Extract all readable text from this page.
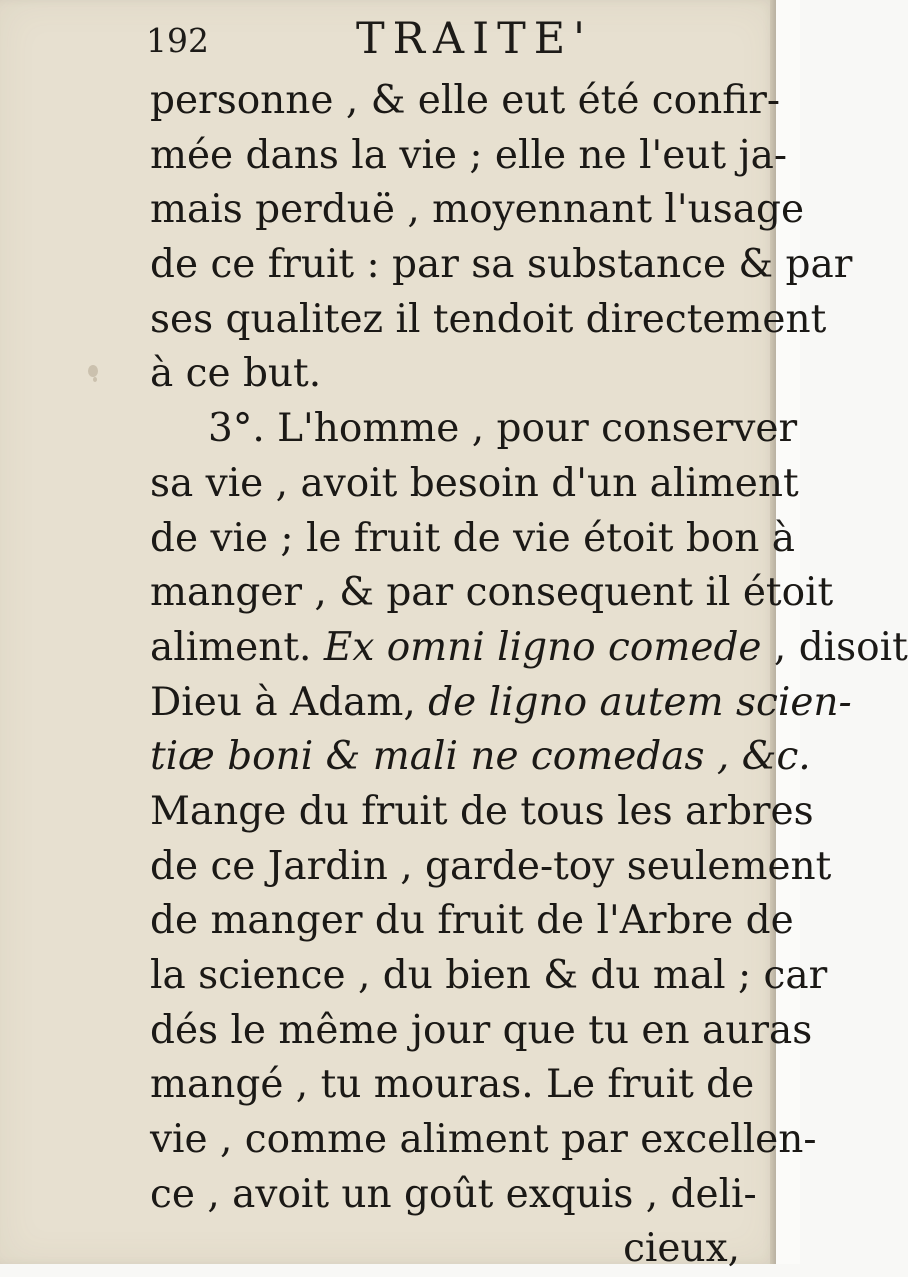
192	TRAITE'
personne , & elle eut été confir-
mée dans la vie ; elle ne l'eut ja-
mais perduë , moyennant l'usage
de ce fruit : par sa substance & par
ses qualitez il tendoit directement
à ce but.
3°. L'homme , pour conserver
sa vie , avoit besoin d'un aliment
de vie ; le fruit de vie étoit bon à
manger , & par consequent il étoit
aliment. Ex omni ligno comede , disoit
Dieu à Adam, de ligno autem scien-
tiæ boni & mali ne comedas , &c.
Mange du fruit de tous les arbres
de ce Jardin , garde-toy seulement
de manger du fruit de l'Arbre de
la science , du bien & du mal ; car
dés le même jour que tu en auras
mangé , tu mouras. Le fruit de
vie , comme aliment par excellen-
ce , avoit un goût exquis , deli-
cieux,
